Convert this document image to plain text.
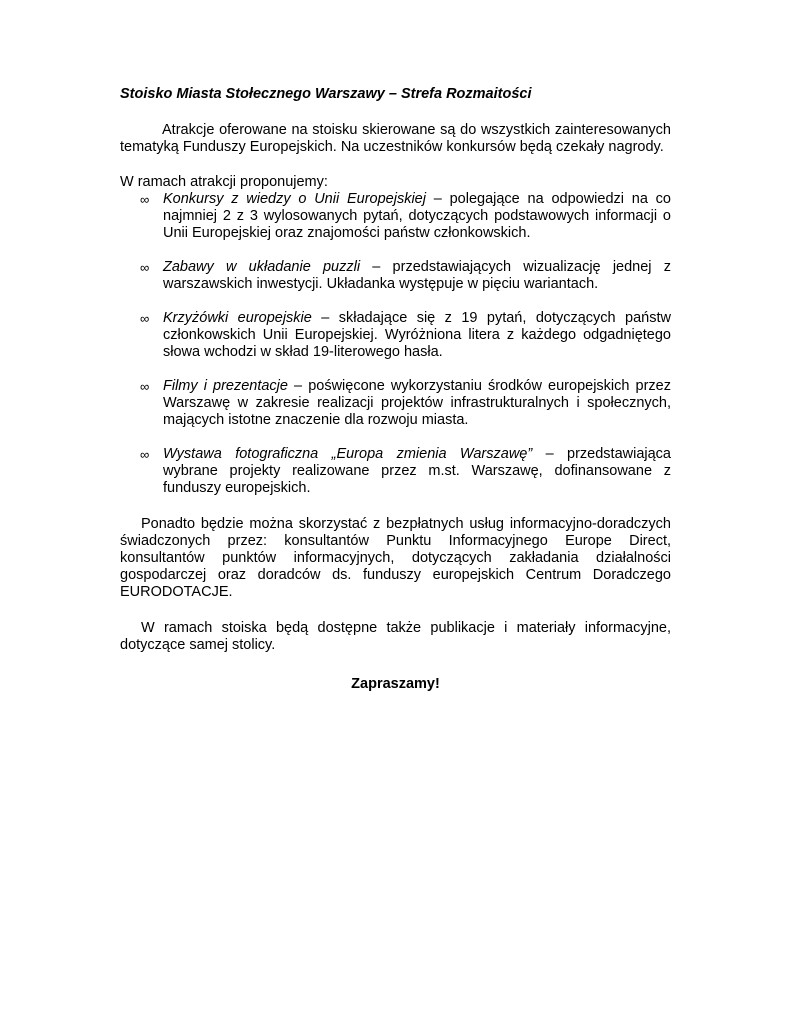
Stoisko Miasta Stołecznego Warszawy – Strefa Rozmaitości

Atrakcje oferowane na stoisku skierowane są do wszystkich zainteresowanych tematyką Funduszy Europejskich. Na uczestników konkursów będą czekały nagrody.

W ramach atrakcji proponujemy:

∞ Konkursy z wiedzy o Unii Europejskiej – polegające na odpowiedzi na co najmniej 2 z 3 wylosowanych pytań, dotyczących podstawowych informacji o Unii Europejskiej oraz znajomości państw członkowskich.
∞ Zabawy w układanie puzzli – przedstawiających wizualizację jednej z warszawskich inwestycji. Układanka występuje w pięciu wariantach.
∞ Krzyżówki europejskie – składające się z 19 pytań, dotyczących państw członkowskich Unii Europejskiej. Wyróżniona litera z każdego odgadniętego słowa wchodzi w skład 19-literowego hasła.
∞ Filmy i prezentacje – poświęcone wykorzystaniu środków europejskich przez Warszawę w zakresie realizacji projektów infrastrukturalnych i społecznych, mających istotne znaczenie dla rozwoju miasta.
∞ Wystawa fotograficzna „Europa zmienia Warszawę” – przedstawiająca wybrane projekty realizowane przez m.st. Warszawę, dofinansowane z funduszy europejskich.

Ponadto będzie można skorzystać z bezpłatnych usług informacyjno-doradczych świadczonych przez: konsultantów Punktu Informacyjnego Europe Direct, konsultantów punktów informacyjnych, dotyczących zakładania działalności gospodarczej oraz doradców ds. funduszy europejskich Centrum Doradczego EURODOTACJE.

W ramach stoiska będą dostępne także publikacje i materiały informacyjne, dotyczące samej stolicy.

Zapraszamy!
